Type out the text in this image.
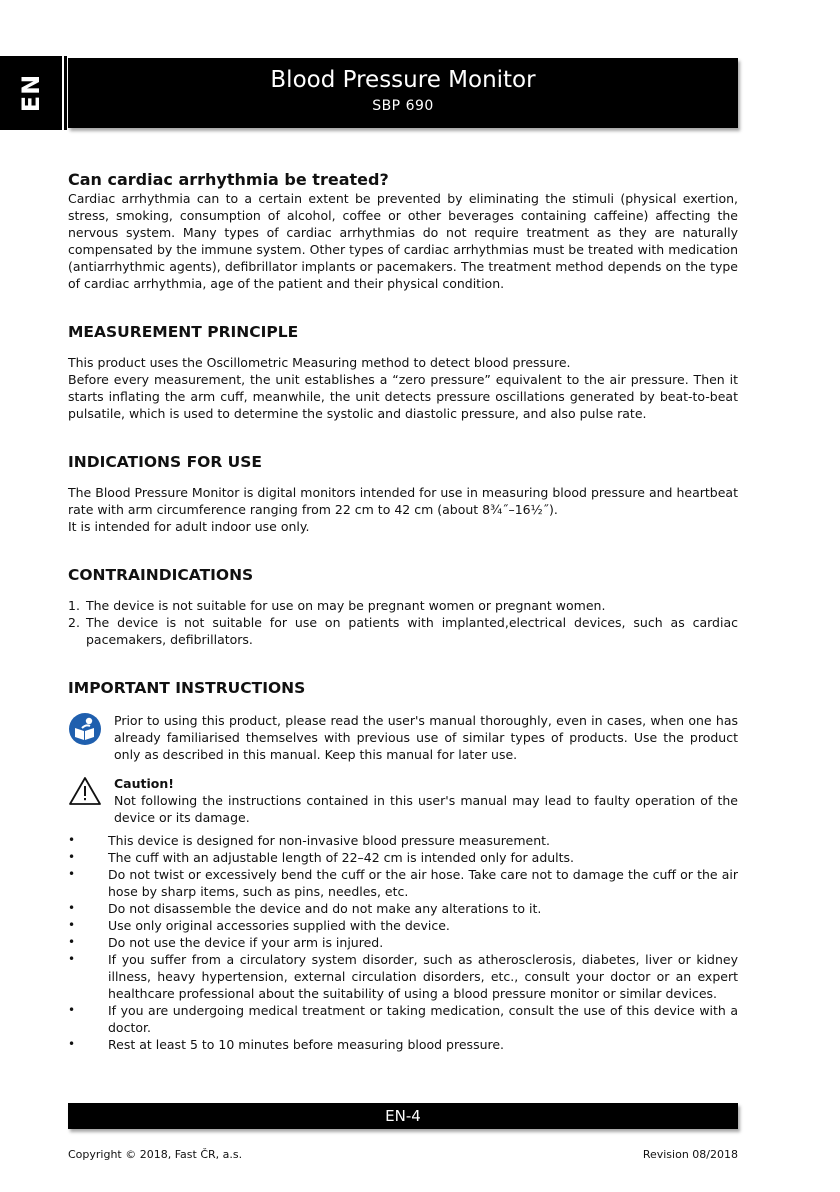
EN	Blood Pressure Monitor
SBP 690
Can cardiac arrhythmia be treated?

Cardiac arrhythmia can to a certain extent be prevented by eliminating the stimuli (physical exertion, stress, smoking, consumption of alcohol, coffee or other beverages containing caffeine) affecting the nervous system. Many types of cardiac arrhythmias do not require treatment as they are naturally compensated by the immune system. Other types of cardiac arrhythmias must be treated with medication (antiarrhythmic agents), defibrillator implants or pacemakers. The treatment method depends on the type of cardiac arrhythmia, age of the patient and their physical condition.

MEASUREMENT PRINCIPLE

This product uses the Oscillometric Measuring method to detect blood pressure.

Before every measurement, the unit establishes a “zero pressure” equivalent to the air pressure. Then it starts inflating the arm cuff, meanwhile, the unit detects pressure oscillations generated by beat-to-beat pulsatile, which is used to determine the systolic and diastolic pressure, and also pulse rate.

INDICATIONS FOR USE

The Blood Pressure Monitor is digital monitors intended for use in measuring blood pressure and heartbeat rate with arm circumference ranging from 22 cm to 42 cm (about 8¾˝–16½˝).

It is intended for adult indoor use only.

CONTRAINDICATIONS
1. The device is not suitable for use on may be pregnant women or pregnant women.
2. The device is not suitable for use on patients with implanted,electrical devices, such as cardiac pacemakers, defibrillators.
IMPORTANT INSTRUCTIONS
Prior to using this product, please read the user's manual thoroughly, even in cases, when one has already familiarised themselves with previous use of similar types of products. Use the product only as described in this manual. Keep this manual for later use.
Caution!
Not following the instructions contained in this user's manual may lead to faulty operation of the device or its damage.
• This device is designed for non-invasive blood pressure measurement.
• The cuff with an adjustable length of 22–42 cm is intended only for adults.
• Do not twist or excessively bend the cuff or the air hose. Take care not to damage the cuff or the air hose by sharp items, such as pins, needles, etc.
• Do not disassemble the device and do not make any alterations to it.
• Use only original accessories supplied with the device.
• Do not use the device if your arm is injured.
• If you suffer from a circulatory system disorder, such as atherosclerosis, diabetes, liver or kidney illness, heavy hypertension, external circulation disorders, etc., consult your doctor or an expert healthcare professional about the suitability of using a blood pressure monitor or similar devices.
• If you are undergoing medical treatment or taking medication, consult the use of this device with a doctor.
• Rest at least 5 to 10 minutes before measuring blood pressure.
EN-4
Copyright © 2018, Fast ČR, a.s.	Revision 08/2018
